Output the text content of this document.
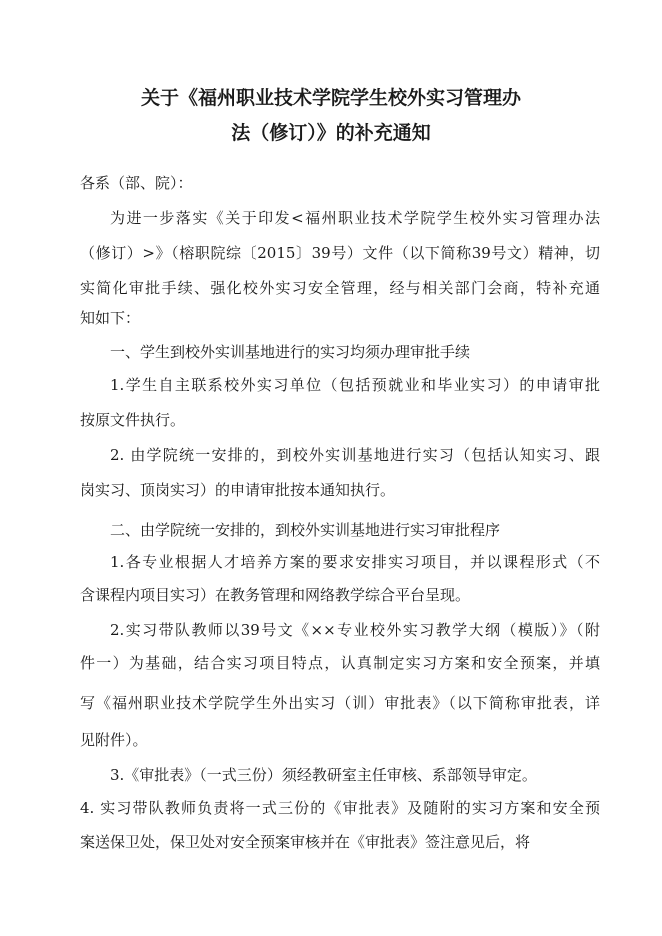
关于《福州职业技术学院学生校外实习管理办
法（修订）》的补充通知
各系（部、院）：
为进一步落实《关于印发<福州职业技术学院学生校外实习管理办法
（修订）>》（榕职院综〔2015〕39号）文件（以下简称39号文）精神，切
实简化审批手续、强化校外实习安全管理，经与相关部门会商，特补充通
知如下：
一、学生到校外实训基地进行的实习均须办理审批手续
1.学生自主联系校外实习单位（包括预就业和毕业实习）的申请审批
按原文件执行。
2. 由学院统一安排的，到校外实训基地进行实习（包括认知实习、跟
岗实习、顶岗实习）的申请审批按本通知执行。
二、由学院统一安排的，到校外实训基地进行实习审批程序
1.各专业根据人才培养方案的要求安排实习项目，并以课程形式（不
含课程内项目实习）在教务管理和网络教学综合平台呈现。
2.实习带队教师以39号文《××专业校外实习教学大纲（模版）》（附
件一）为基础，结合实习项目特点，认真制定实习方案和安全预案，并填
写《福州职业技术学院学生外出实习（训）审批表》（以下简称审批表，详
见附件）。
3.《审批表》（一式三份）须经教研室主任审核、系部领导审定。
4. 实习带队教师负责将一式三份的《审批表》及随附的实习方案和安全预
案送保卫处，保卫处对安全预案审核并在《审批表》签注意见后，将
